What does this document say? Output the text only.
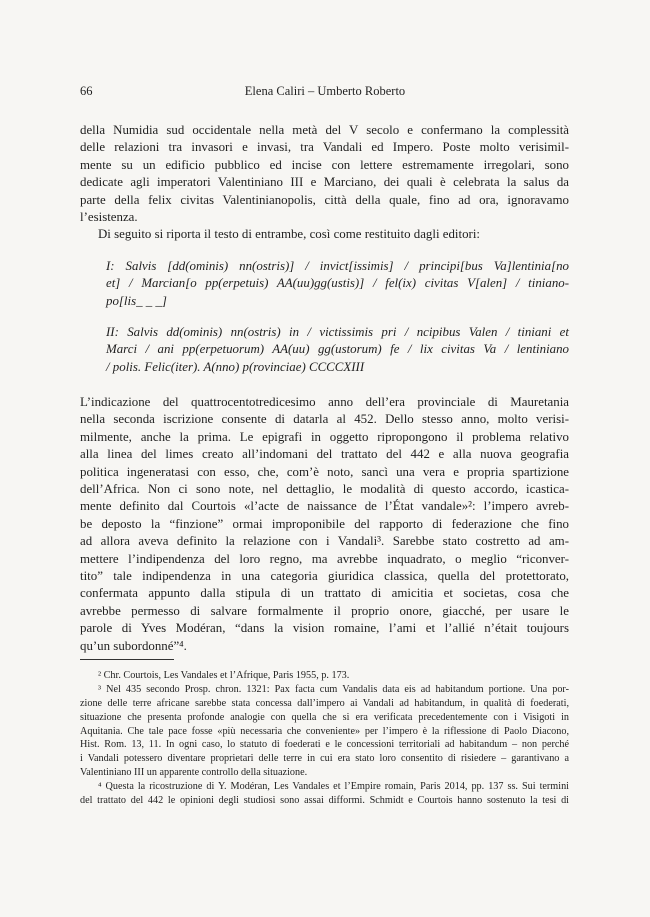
66	Elena Caliri – Umberto Roberto
della Numidia sud occidentale nella metà del V secolo e confermano la complessità
delle relazioni tra invasori e invasi, tra Vandali ed Impero. Poste molto verisimil-
mente su un edificio pubblico ed incise con lettere estremamente irregolari, sono
dedicate agli imperatori Valentiniano III e Marciano, dei quali è celebrata la salus da
parte della felix civitas Valentinianopolis, città della quale, fino ad ora, ignoravamo
l’esistenza.
Di seguito si riporta il testo di entrambe, così come restituito dagli editori:
I: Salvis [dd(ominis) nn(ostris)] / invict[issimis] / principi[bus Va]lentinia[no
et] / Marcian[o pp(erpetuis) AA(uu)gg(ustis)] / fel(ix) civitas V[alen] / tiniano-
po[lis_ _ _]
II: Salvis dd(ominis) nn(ostris) in / victissimis pri / ncipibus Valen / tiniani et
Marci / ani pp(erpetuorum) AA(uu) gg(ustorum) fe / lix civitas Va / lentiniano
/ polis. Felic(iter). A(nno) p(rovinciae) CCCCXIII
L’indicazione del quattrocentotredicesimo anno dell’era provinciale di Mauretania
nella seconda iscrizione consente di datarla al 452. Dello stesso anno, molto verisi-
milmente, anche la prima. Le epigrafi in oggetto ripropongono il problema relativo
alla linea del limes creato all’indomani del trattato del 442 e alla nuova geografia
politica ingeneratasi con esso, che, com’è noto, sancì una vera e propria spartizione
dell’Africa. Non ci sono note, nel dettaglio, le modalità di questo accordo, icastica-
mente definito dal Courtois «l’acte de naissance de l’État vandale»²: l’impero avreb-
be deposto la “finzione” ormai improponibile del rapporto di federazione che fino
ad allora aveva definito la relazione con i Vandali³. Sarebbe stato costretto ad am-
mettere l’indipendenza del loro regno, ma avrebbe inquadrato, o meglio “riconver-
tito” tale indipendenza in una categoria giuridica classica, quella del protettorato,
confermata appunto dalla stipula di un trattato di amicitia et societas, cosa che
avrebbe permesso di salvare formalmente il proprio onore, giacché, per usare le
parole di Yves Modéran, “dans la vision romaine, l’ami et l’allié n’était toujours
qu’un subordonné”⁴.
² Chr. Courtois, Les Vandales et l’Afrique, Paris 1955, p. 173.
³ Nel 435 secondo Prosp. chron. 1321: Pax facta cum Vandalis data eis ad habitandum portione. Una por-
zione delle terre africane sarebbe stata concessa dall’impero ai Vandali ad habitandum, in qualità di foederati,
situazione che presenta profonde analogie con quella che si era verificata precedentemente con i Visigoti in
Aquitania. Che tale pace fosse «più necessaria che conveniente» per l’impero è la riflessione di Paolo Diacono,
Hist. Rom. 13, 11. In ogni caso, lo statuto di foederati e le concessioni territoriali ad habitandum – non perché
i Vandali potessero diventare proprietari delle terre in cui era stato loro consentito di risiedere – garantivano a
Valentiniano III un apparente controllo della situazione.
⁴ Questa la ricostruzione di Y. Modéran, Les Vandales et l’Empire romain, Paris 2014, pp. 137 ss. Sui termini
del trattato del 442 le opinioni degli studiosi sono assai difformi. Schmidt e Courtois hanno sostenuto la tesi di
